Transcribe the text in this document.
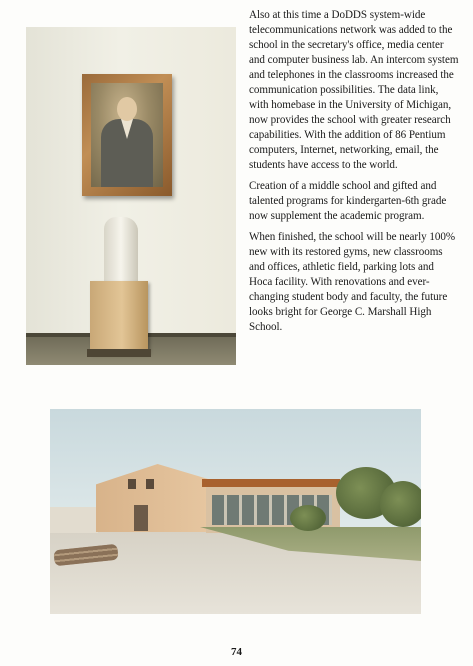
Also at this time a DoDDS system-wide telecommunications network was added to the school in the secretary's office, media center and computer business lab. An intercom system and telephones in the classrooms increased the communication possibilities. The data link, with homebase in the University of Michigan, now provides the school with greater research capabilities. With the addition of 86 Pentium computers, Internet, networking, email, the students have access to the world.

Creation of a middle school and gifted and talented programs for kindergarten-6th grade now supplement the academic program.

When finished, the school will be nearly 100% new with its restored gyms, new classrooms and offices, athletic field, parking lots and Hoca facility. With renovations and ever-changing student body and faculty, the future looks bright for George C. Marshall High School.

74
